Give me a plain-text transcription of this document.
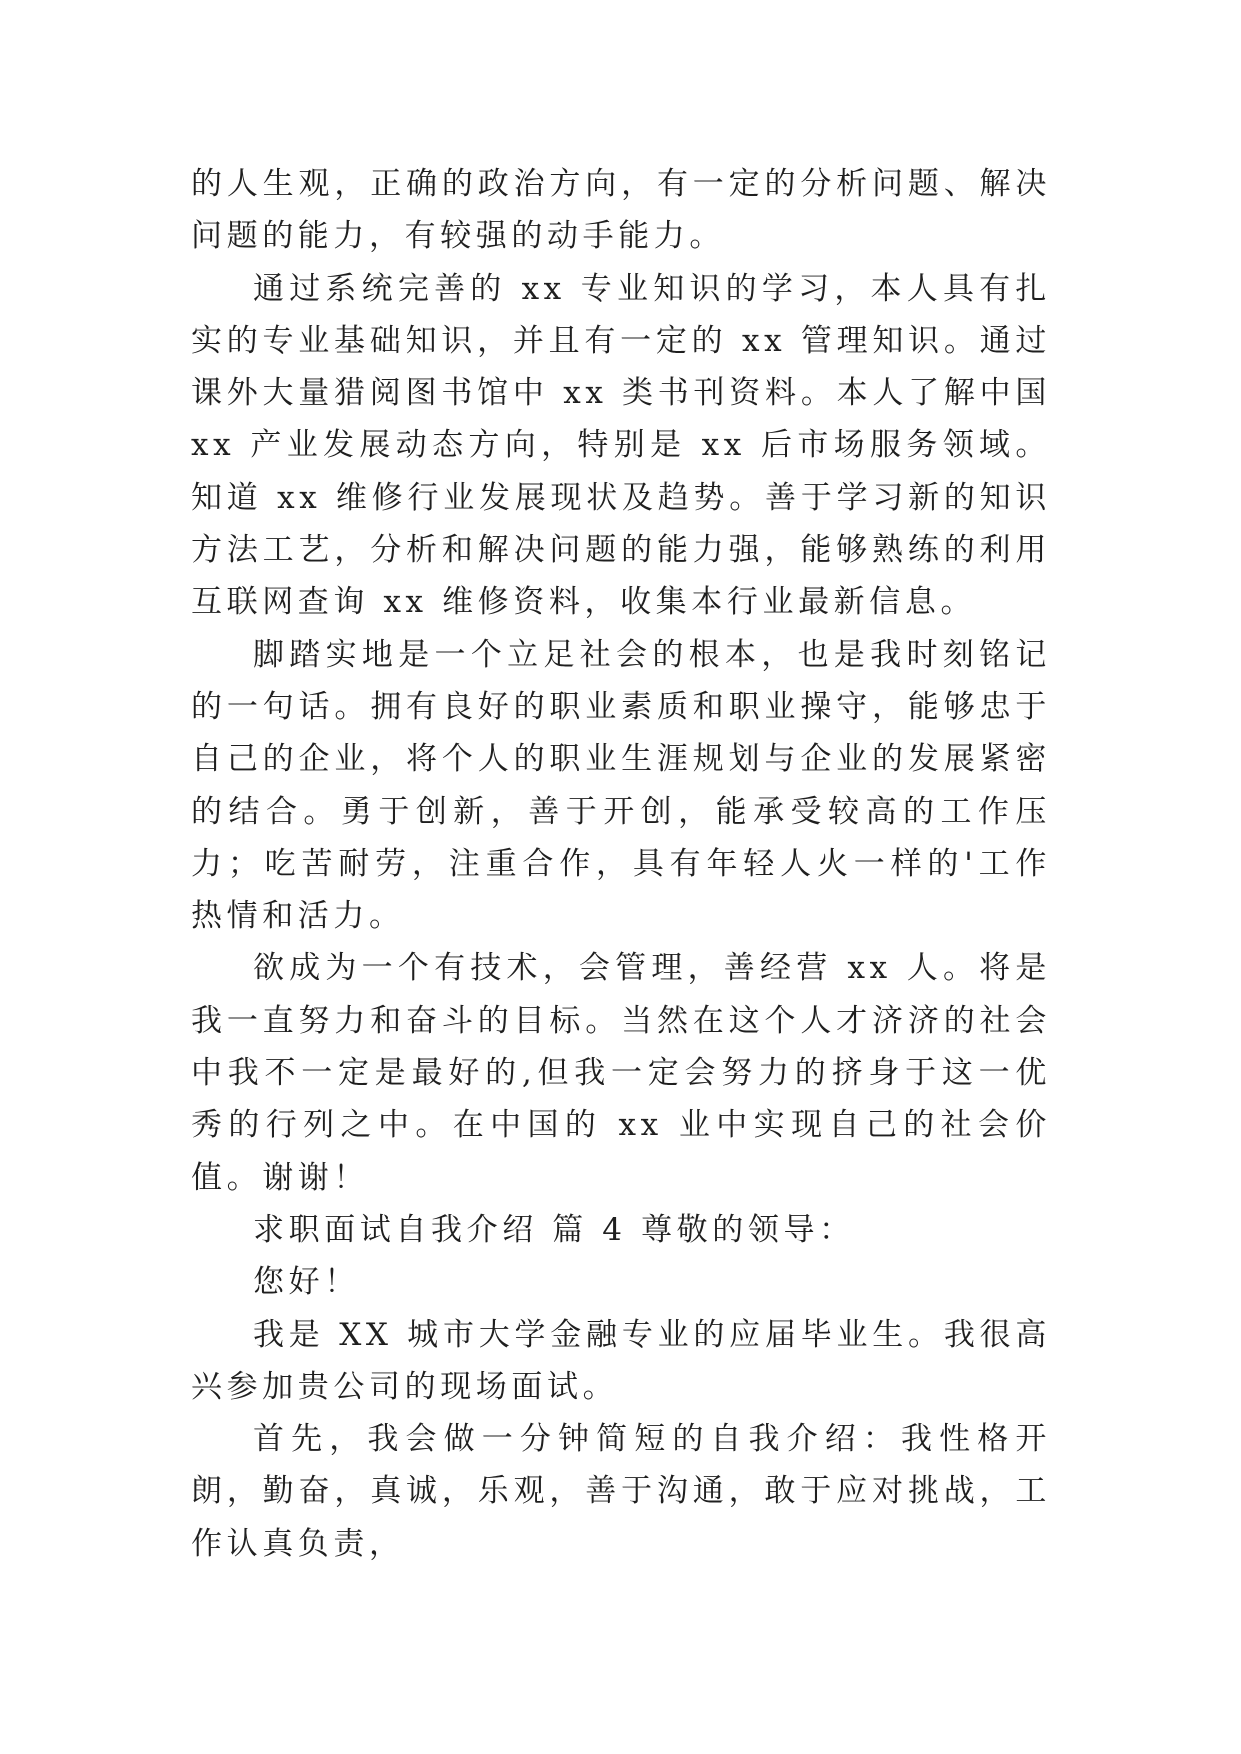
的人生观，正确的政治方向，有一定的分析问题、解决问题的能力，有较强的动手能力。

通过系统完善的 xx 专业知识的学习，本人具有扎实的专业基础知识，并且有一定的 xx 管理知识。通过课外大量猎阅图书馆中 xx 类书刊资料。本人了解中国 xx 产业发展动态方向，特别是 xx 后市场服务领域。知道 xx 维修行业发展现状及趋势。善于学习新的知识方法工艺，分析和解决问题的能力强，能够熟练的利用互联网查询 xx 维修资料，收集本行业最新信息。

脚踏实地是一个立足社会的根本，也是我时刻铭记的一句话。拥有良好的职业素质和职业操守，能够忠于自己的企业，将个人的职业生涯规划与企业的发展紧密的结合。勇于创新，善于开创，能承受较高的工作压力；吃苦耐劳，注重合作，具有年轻人火一样的'工作热情和活力。

欲成为一个有技术，会管理，善经营 xx 人。将是我一直努力和奋斗的目标。当然在这个人才济济的社会中我不一定是最好的,但我一定会努力的挤身于这一优秀的行列之中。在中国的 xx 业中实现自己的社会价值。谢谢！

求职面试自我介绍 篇 4 尊敬的领导：

您好！

我是 XX 城市大学金融专业的应届毕业生。我很高兴参加贵公司的现场面试。

首先，我会做一分钟简短的自我介绍：我性格开朗，勤奋，真诚，乐观，善于沟通，敢于应对挑战，工作认真负责，
